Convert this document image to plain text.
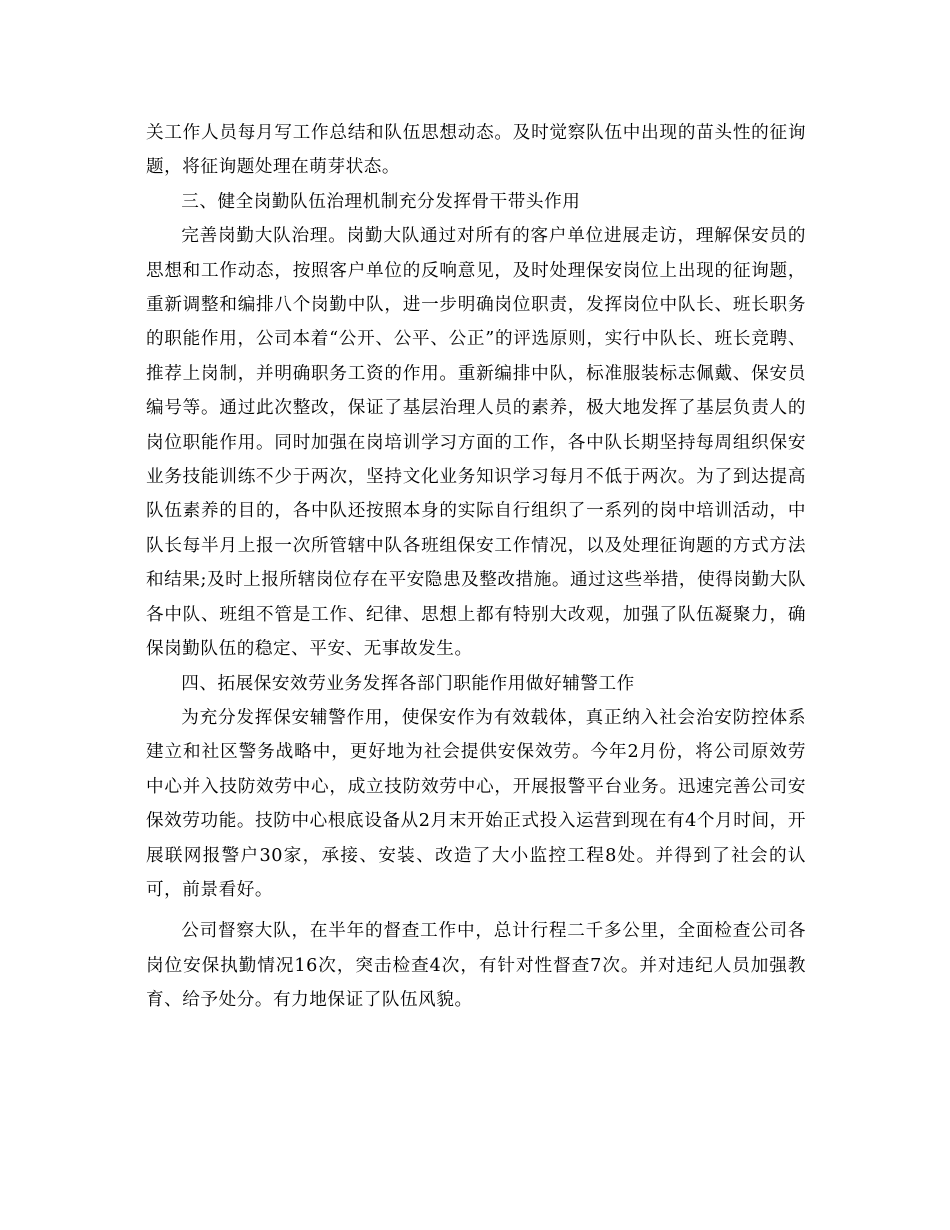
关工作人员每月写工作总结和队伍思想动态。及时觉察队伍中出现的苗头性的征询题，将征询题处理在萌芽状态。

三、健全岗勤队伍治理机制充分发挥骨干带头作用

完善岗勤大队治理。岗勤大队通过对所有的客户单位进展走访，理解保安员的思想和工作动态，按照客户单位的反响意见，及时处理保安岗位上出现的征询题，重新调整和编排八个岗勤中队，进一步明确岗位职责，发挥岗位中队长、班长职务的职能作用，公司本着“公开、公平、公正”的评选原则，实行中队长、班长竞聘、推荐上岗制，并明确职务工资的作用。重新编排中队，标准服装标志佩戴、保安员编号等。通过此次整改，保证了基层治理人员的素养，极大地发挥了基层负责人的岗位职能作用。同时加强在岗培训学习方面的工作，各中队长期坚持每周组织保安业务技能训练不少于两次，坚持文化业务知识学习每月不低于两次。为了到达提高队伍素养的目的，各中队还按照本身的实际自行组织了一系列的岗中培训活动，中队长每半月上报一次所管辖中队各班组保安工作情况，以及处理征询题的方式方法和结果;及时上报所辖岗位存在平安隐患及整改措施。通过这些举措，使得岗勤大队各中队、班组不管是工作、纪律、思想上都有特别大改观，加强了队伍凝聚力，确保岗勤队伍的稳定、平安、无事故发生。

四、拓展保安效劳业务发挥各部门职能作用做好辅警工作

为充分发挥保安辅警作用，使保安作为有效载体，真正纳入社会治安防控体系建立和社区警务战略中，更好地为社会提供安保效劳。今年2月份，将公司原效劳中心并入技防效劳中心，成立技防效劳中心，开展报警平台业务。迅速完善公司安保效劳功能。技防中心根底设备从2月末开始正式投入运营到现在有4个月时间，开展联网报警户30家，承接、安装、改造了大小监控工程8处。并得到了社会的认可，前景看好。

公司督察大队，在半年的督查工作中，总计行程二千多公里，全面检查公司各岗位安保执勤情况16次，突击检查4次，有针对性督查7次。并对违纪人员加强教育、给予处分。有力地保证了队伍风貌。
